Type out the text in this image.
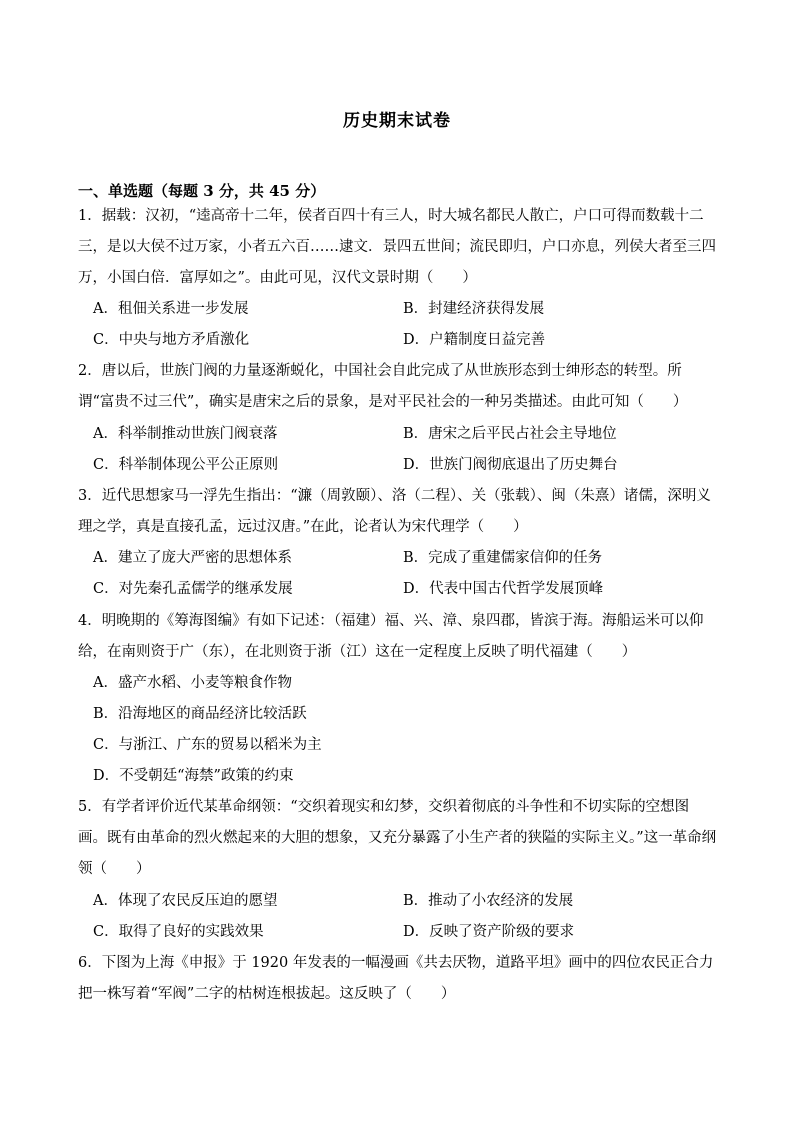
历史期末试卷
一、单选题（每题 3 分，共 45 分）
1．据载：汉初，“逵高帝十二年，侯者百四十有三人，时大城名都民人散亡，户口可得而数载十二三，是以大侯不过万家，小者五六百……逮文．景四五世间；流民即归，户口亦息，列侯大者至三四万，小国白倍．富厚如之”。由此可见，汉代文景时期（　　）
A．租佃关系进一步发展	B．封建经济获得发展
C．中央与地方矛盾激化	D．户籍制度日益完善
2．唐以后，世族门阀的力量逐渐蜕化，中国社会自此完成了从世族形态到士绅形态的转型。所谓“富贵不过三代”，确实是唐宋之后的景象，是对平民社会的一种另类描述。由此可知（　　）
A．科举制推动世族门阀衰落	B．唐宋之后平民占社会主导地位
C．科举制体现公平公正原则	D．世族门阀彻底退出了历史舞台
3．近代思想家马一浮先生指出：“濂（周敦颐）、洛（二程）、关（张载）、闽（朱熹）诸儒，深明义理之学，真是直接孔孟，远过汉唐。”在此，论者认为宋代理学（　　）
A．建立了庞大严密的思想体系	B．完成了重建儒家信仰的任务
C．对先秦孔孟儒学的继承发展	D．代表中国古代哲学发展顶峰
4．明晚期的《筹海图编》有如下记述：（福建）福、兴、漳、泉四郡，皆滨于海。海船运米可以仰给，在南则资于广（东），在北则资于浙（江）这在一定程度上反映了明代福建（　　）
A．盛产水稻、小麦等粮食作物
B．沿海地区的商品经济比较活跃
C．与浙江、广东的贸易以稻米为主
D．不受朝廷“海禁”政策的约束
5．有学者评价近代某革命纲领：“交织着现实和幻梦，交织着彻底的斗争性和不切实际的空想图画。既有由革命的烈火燃起来的大胆的想象，又充分暴露了小生产者的狭隘的实际主义。”这一革命纲领（　　）
A．体现了农民反压迫的愿望	B．推动了小农经济的发展
C．取得了良好的实践效果	D．反映了资产阶级的要求
6．下图为上海《申报》于 1920 年发表的一幅漫画《共去厌物，道路平坦》画中的四位农民正合力把一株写着“军阀”二字的枯树连根拔起。这反映了（　　）
